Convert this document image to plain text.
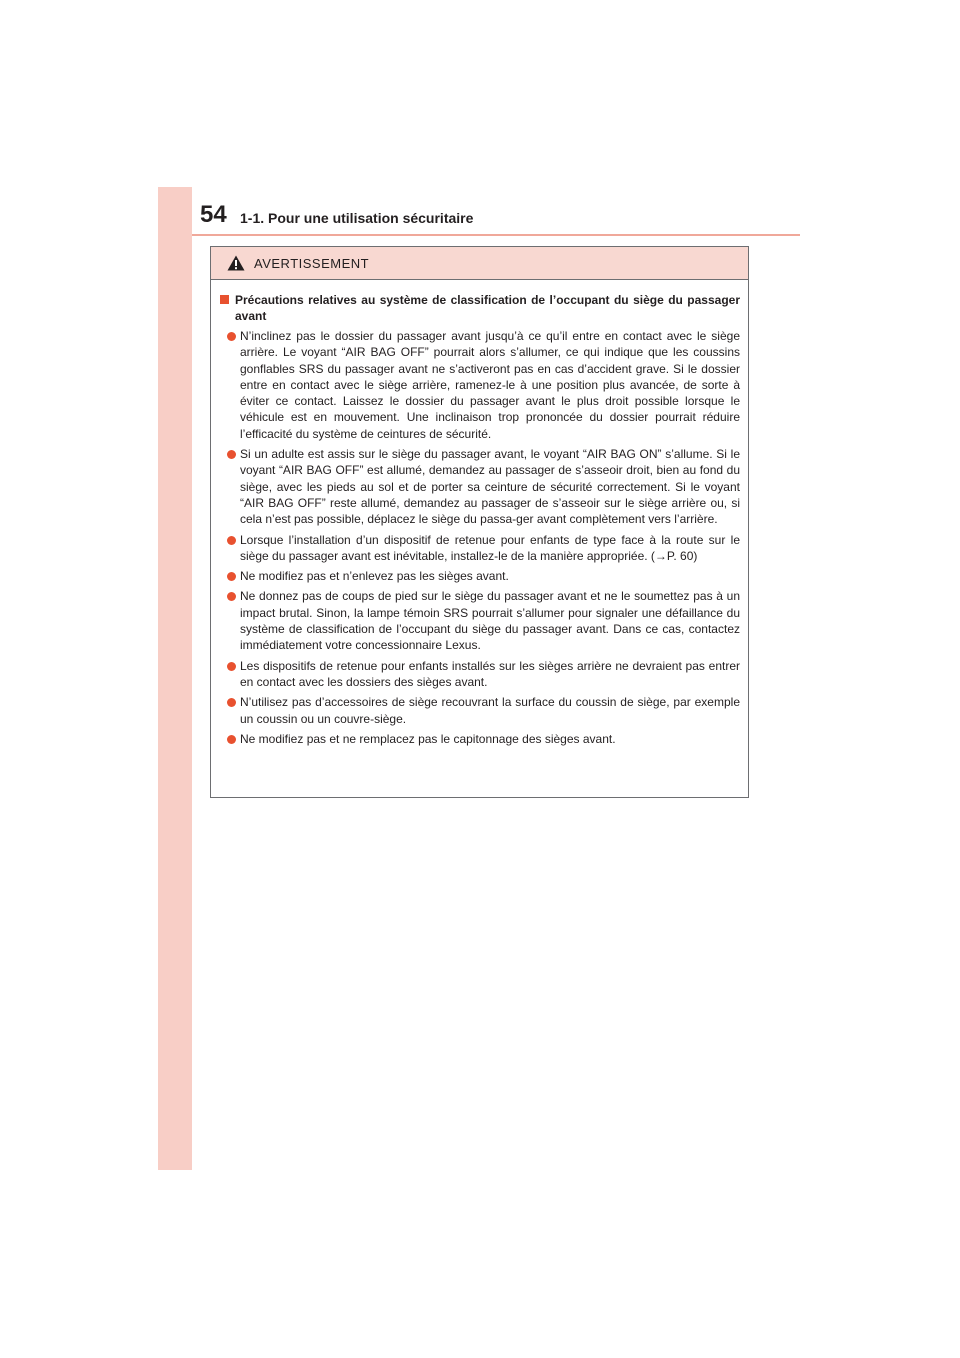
54 1-1. Pour une utilisation sécuritaire
AVERTISSEMENT
Précautions relatives au système de classification de l’occupant du siège du passager avant
N’inclinez pas le dossier du passager avant jusqu’à ce qu’il entre en contact avec le siège arrière. Le voyant “AIR BAG OFF” pourrait alors s’allumer, ce qui indique que les coussins gonflables SRS du passager avant ne s’activeront pas en cas d’accident grave. Si le dossier entre en contact avec le siège arrière, ramenez-le à une position plus avancée, de sorte à éviter ce contact. Laissez le dossier du passager avant le plus droit possible lorsque le véhicule est en mouvement. Une inclinaison trop prononcée du dossier pourrait réduire l’efficacité du système de ceintures de sécurité.
Si un adulte est assis sur le siège du passager avant, le voyant “AIR BAG ON” s’allume. Si le voyant “AIR BAG OFF” est allumé, demandez au passager de s’asseoir droit, bien au fond du siège, avec les pieds au sol et de porter sa ceinture de sécurité correctement. Si le voyant “AIR BAG OFF” reste allumé, demandez au passager de s’asseoir sur le siège arrière ou, si cela n’est pas possible, déplacez le siège du passa-ger avant complètement vers l’arrière.
Lorsque l’installation d’un dispositif de retenue pour enfants de type face à la route sur le siège du passager avant est inévitable, installez-le de la manière appropriée. (→P. 60)
Ne modifiez pas et n’enlevez pas les sièges avant.
Ne donnez pas de coups de pied sur le siège du passager avant et ne le soumettez pas à un impact brutal. Sinon, la lampe témoin SRS pourrait s’allumer pour signaler une défaillance du système de classification de l’occupant du siège du passager avant. Dans ce cas, contactez immédiatement votre concessionnaire Lexus.
Les dispositifs de retenue pour enfants installés sur les sièges arrière ne devraient pas entrer en contact avec les dossiers des sièges avant.
N’utilisez pas d’accessoires de siège recouvrant la surface du coussin de siège, par exemple un coussin ou un couvre-siège.
Ne modifiez pas et ne remplacez pas le capitonnage des sièges avant.
